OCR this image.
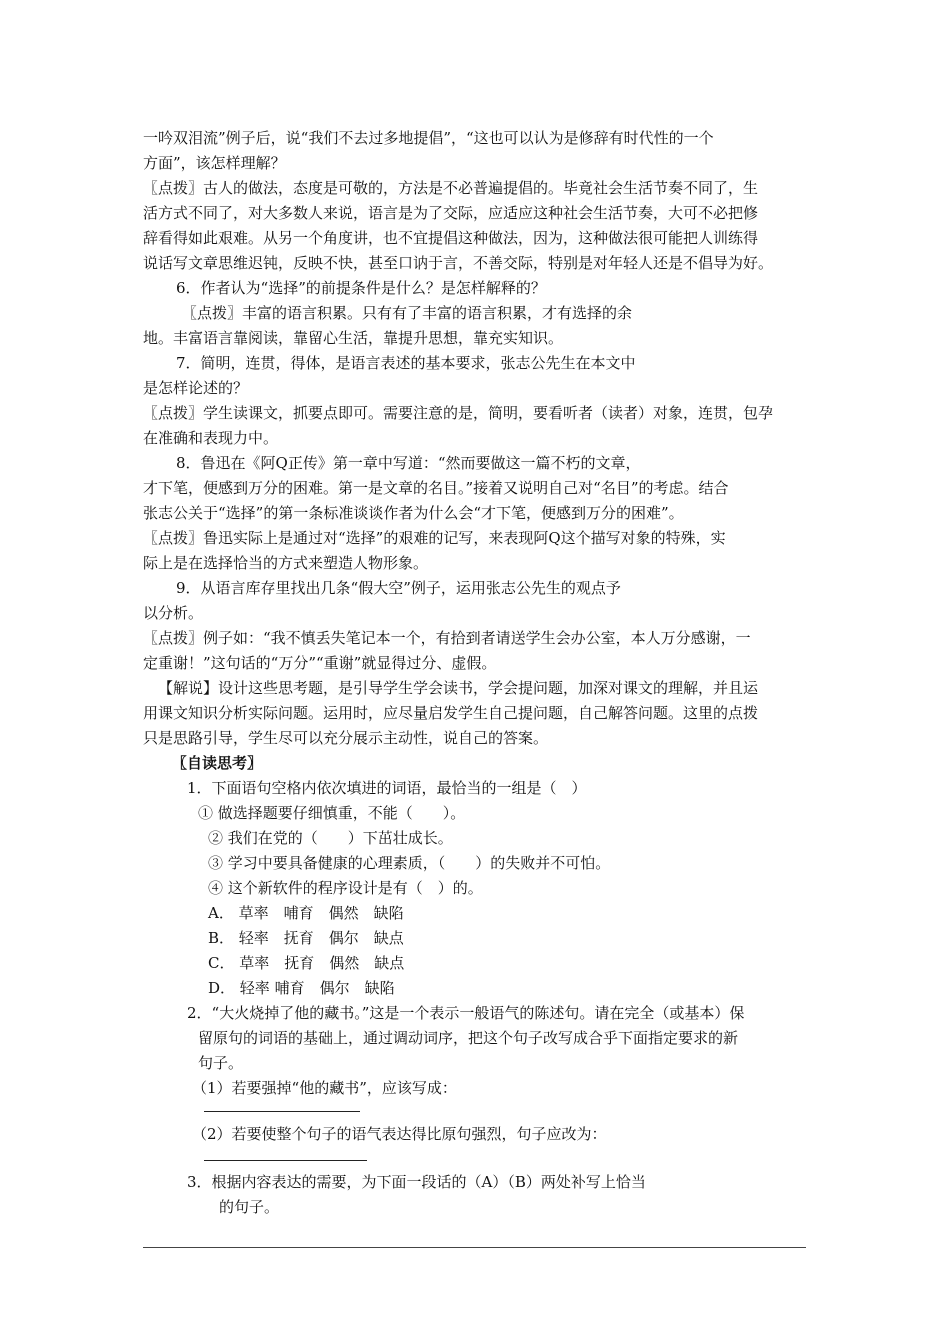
一吟双泪流”例子后，说“我们不去过多地提倡”，“这也可以认为是修辞有时代性的一个
方面”，该怎样理解？
〖点拨〗古人的做法，态度是可敬的，方法是不必普遍提倡的。毕竟社会生活节奏不同了，生
活方式不同了，对大多数人来说，语言是为了交际，应适应这种社会生活节奏，大可不必把修
辞看得如此艰难。从另一个角度讲，也不宜提倡这种做法，因为，这种做法很可能把人训练得
说话写文章思维迟钝，反映不快，甚至口讷于言，不善交际，特别是对年轻人还是不倡导为好。
6．作者认为“选择”的前提条件是什么？是怎样解释的？
〖点拨〗丰富的语言积累。只有有了丰富的语言积累，才有选择的余
地。丰富语言靠阅读，靠留心生活，靠提升思想，靠充实知识。
7．简明，连贯，得体，是语言表述的基本要求，张志公先生在本文中
是怎样论述的？
〖点拨〗学生读课文，抓要点即可。需要注意的是，简明，要看听者（读者）对象，连贯，包孕
在准确和表现力中。
8．鲁迅在《阿Q正传》第一章中写道：“然而要做这一篇不朽的文章，
才下笔，便感到万分的困难。第一是文章的名目。”接着又说明自己对“名目”的考虑。结合
张志公关于“选择”的第一条标准谈谈作者为什么会“才下笔，便感到万分的困难”。
〖点拨〗鲁迅实际上是通过对“选择”的艰难的记写，来表现阿Q这个描写对象的特殊，实
际上是在选择恰当的方式来塑造人物形象。
9．从语言库存里找出几条“假大空”例子，运用张志公先生的观点予
以分析。
〖点拨〗例子如：“我不慎丢失笔记本一个，有拾到者请送学生会办公室，本人万分感谢，一
定重谢！”这句话的“万分”“重谢”就显得过分、虚假。
【解说】设计这些思考题，是引导学生学会读书，学会提问题，加深对课文的理解，并且运
用课文知识分析实际问题。运用时，应尽量启发学生自己提问题，自己解答问题。这里的点拨
只是思路引导，学生尽可以充分展示主动性，说自己的答案。
〖自读思考〗
1．下面语句空格内依次填进的词语，最恰当的一组是（　）
① 做选择题要仔细慎重，不能（　　）。
② 我们在党的（　　）下茁壮成长。
③ 学习中要具备健康的心理素质，（　　）的失败并不可怕。
④ 这个新软件的程序设计是有（　）的。
A． 草率　哺育　偶然　缺陷
B． 轻率　抚育　偶尔　缺点
C． 草率　抚育　偶然　缺点
D． 轻率 哺育　偶尔　缺陷
2．“大火烧掉了他的藏书。”这是一个表示一般语气的陈述句。请在完全（或基本）保
留原句的词语的基础上，通过调动词序，把这个句子改写成合乎下面指定要求的新
句子。
（1）若要强掉“他的藏书”，应该写成：
（2）若要使整个句子的语气表达得比原句强烈，句子应改为：
3．根据内容表达的需要，为下面一段话的（A）（B）两处补写上恰当
的句子。
